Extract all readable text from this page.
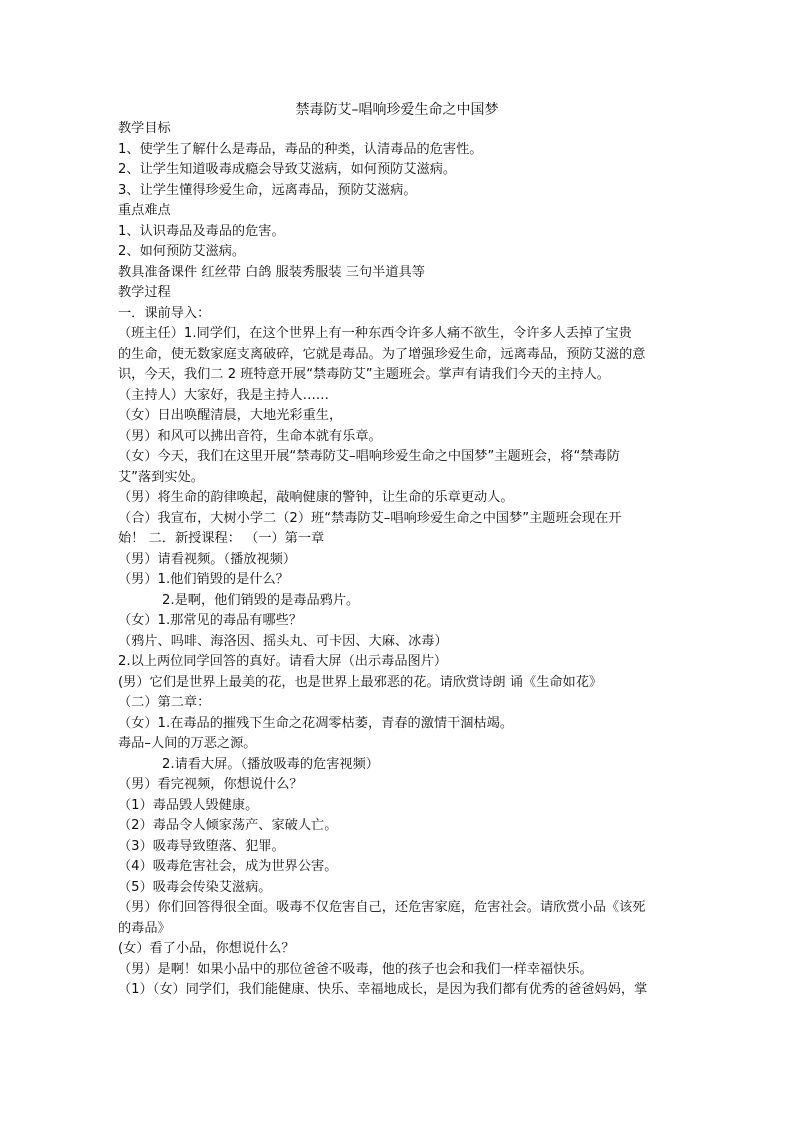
禁毒防艾–唱响珍爱生命之中国梦
教学目标
1、使学生了解什么是毒品，毒品的种类，认清毒品的危害性。
2、让学生知道吸毒成瘾会导致艾滋病，如何预防艾滋病。
3、让学生懂得珍爱生命，远离毒品，预防艾滋病。
重点难点
1、认识毒品及毒品的危害。
2、如何预防艾滋病。
教具准备课件 红丝带 白鸽 服装秀服装 三句半道具等
教学过程
一．课前导入：
（班主任）1.同学们，在这个世界上有一种东西令许多人痛不欲生，令许多人丢掉了宝贵
的生命，使无数家庭支离破碎，它就是毒品。为了增强珍爱生命，远离毒品，预防艾滋的意
识，今天，我们二 2 班特意开展“禁毒防艾”主题班会。掌声有请我们今天的主持人。
（主持人）大家好，我是主持人……
（女）日出唤醒清晨，大地光彩重生，
（男）和风可以拂出音符，生命本就有乐章。
（女）今天，我们在这里开展“禁毒防艾–唱响珍爱生命之中国梦”主题班会，将“禁毒防
艾”落到实处。
（男）将生命的韵律唤起，敲响健康的警钟，让生命的乐章更动人。
（合）我宣布，大树小学二（2）班“禁毒防艾–唱响珍爱生命之中国梦”主题班会现在开
始！ 二．新授课程： （一）第一章
（男）请看视频。（播放视频）
（男）1.他们销毁的是什么？
2.是啊，他们销毁的是毒品鸦片。
（女）1.那常见的毒品有哪些？
（鸦片、吗啡、海洛因、摇头丸、可卡因、大麻、冰毒）
2.以上两位同学回答的真好。请看大屏（出示毒品图片）
(男）它们是世界上最美的花，也是世界上最邪恶的花。请欣赏诗朗 诵《生命如花》
（二）第二章：
（女）1.在毒品的摧残下生命之花凋零枯萎，青春的激情干涸枯竭。
毒品–人间的万恶之源。
2.请看大屏。（播放吸毒的危害视频）
（男）看完视频，你想说什么？
（1）毒品毁人毁健康。
（2）毒品令人倾家荡产、家破人亡。
（3）吸毒导致堕落、犯罪。
（4）吸毒危害社会，成为世界公害。
（5）吸毒会传染艾滋病。
（男）你们回答得很全面。吸毒不仅危害自己，还危害家庭，危害社会。请欣赏小品《该死
的毒品》
(女）看了小品，你想说什么？
（男）是啊！如果小品中的那位爸爸不吸毒，他的孩子也会和我们一样幸福快乐。
（1）（女）同学们，我们能健康、快乐、幸福地成长，是因为我们都有优秀的爸爸妈妈，掌
